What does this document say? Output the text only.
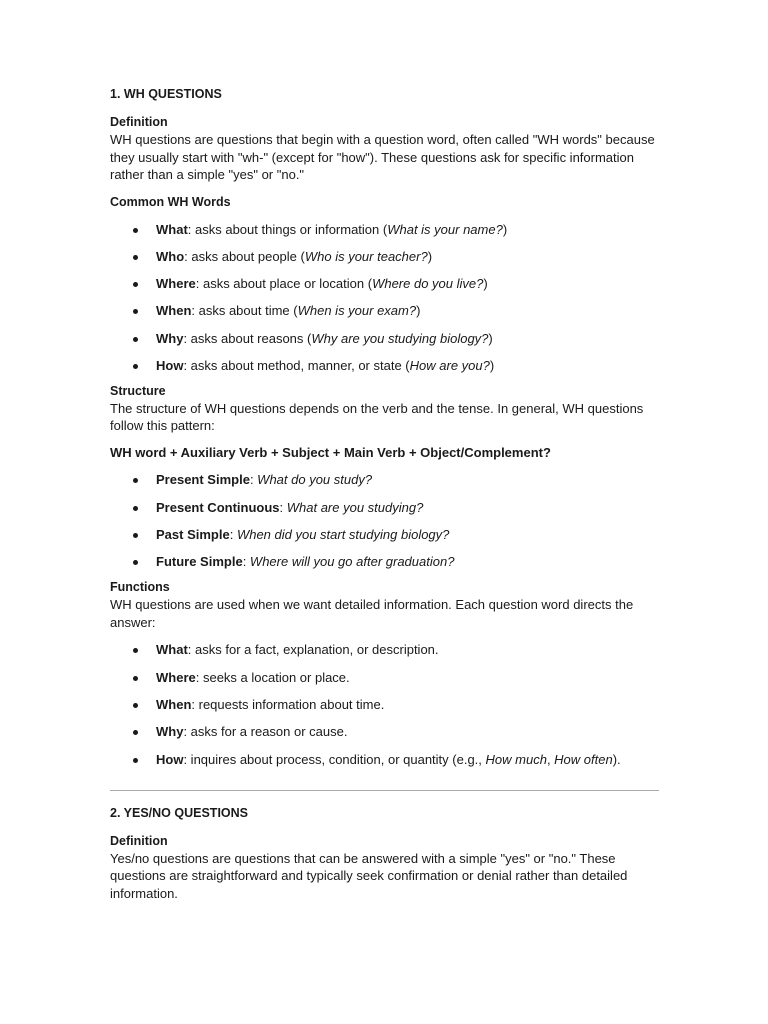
1. WH QUESTIONS
Definition

WH questions are questions that begin with a question word, often called "WH words" because they usually start with "wh-" (except for "how"). These questions ask for specific information rather than a simple "yes" or "no."

Common WH Words
What: asks about things or information (What is your name?)
Who: asks about people (Who is your teacher?)
Where: asks about place or location (Where do you live?)
When: asks about time (When is your exam?)
Why: asks about reasons (Why are you studying biology?)
How: asks about method, manner, or state (How are you?)
Structure

The structure of WH questions depends on the verb and the tense. In general, WH questions follow this pattern:

WH word + Auxiliary Verb + Subject + Main Verb + Object/Complement?

Present Simple: What do you study?
Present Continuous: What are you studying?
Past Simple: When did you start studying biology?
Future Simple: Where will you go after graduation?
Functions

WH questions are used when we want detailed information. Each question word directs the answer:

What: asks for a fact, explanation, or description.
Where: seeks a location or place.
When: requests information about time.
Why: asks for a reason or cause.
How: inquires about process, condition, or quantity (e.g., How much, How often).
2. YES/NO QUESTIONS
Definition

Yes/no questions are questions that can be answered with a simple "yes" or "no." These questions are straightforward and typically seek confirmation or denial rather than detailed information.
